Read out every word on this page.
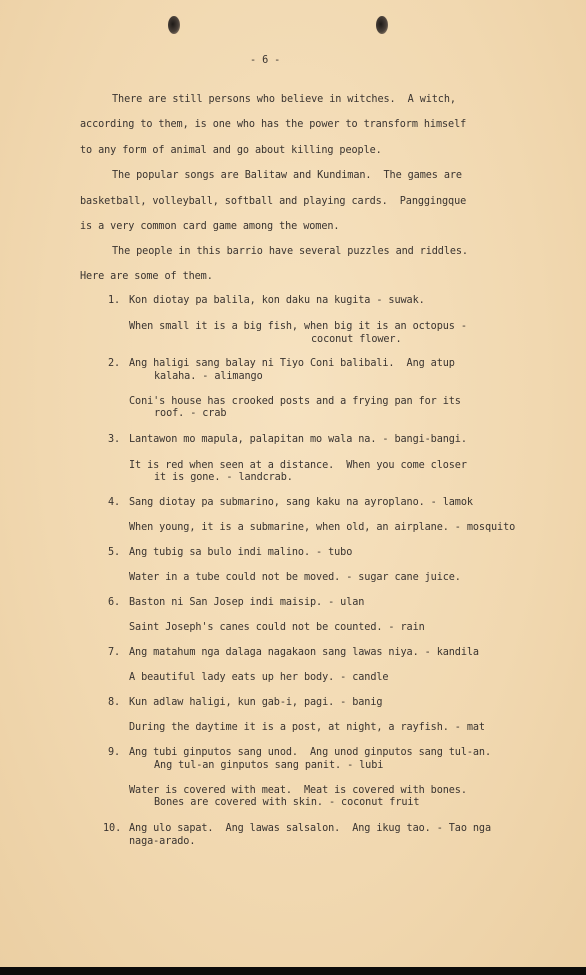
- 6 -
There are still persons who believe in witches.  A witch,
according to them, is one who has the power to transform himself
to any form of animal and go about killing people.
The popular songs are Balitaw and Kundiman.  The games are
basketball, volleyball, softball and playing cards.  Panggingque
is a very common card game among the women.
The people in this barrio have several puzzles and riddles.
Here are some of them.
1. Kon diotay pa balila, kon daku na kugita - suwak.
When small it is a big fish, when big it is an octopus -
coconut flower.
2. Ang haligi sang balay ni Tiyo Coni balibali.  Ang atup
kalaha. - alimango
Coni's house has crooked posts and a frying pan for its
roof. - crab
3. Lantawon mo mapula, palapitan mo wala na. - bangi-bangi.
It is red when seen at a distance.  When you come closer
it is gone. - landcrab.
4. Sang diotay pa submarino, sang kaku na ayroplano. - lamok
When young, it is a submarine, when old, an airplane. - mosquito
5. Ang tubig sa bulo indi malino. - tubo
Water in a tube could not be moved. - sugar cane juice.
6. Baston ni San Josep indi maisip. - ulan
Saint Joseph's canes could not be counted. - rain
7. Ang matahum nga dalaga nagakaon sang lawas niya. - kandila
A beautiful lady eats up her body. - candle
8. Kun adlaw haligi, kun gab-i, pagi. - banig
During the daytime it is a post, at night, a rayfish. - mat
9. Ang tubi ginputos sang unod.  Ang unod ginputos sang tul-an.
Ang tul-an ginputos sang panit. - lubi
Water is covered with meat.  Meat is covered with bones.
Bones are covered with skin. - coconut fruit
10. Ang ulo sapat.  Ang lawas salsalon.  Ang ikug tao. - Tao nga
naga-arado.
